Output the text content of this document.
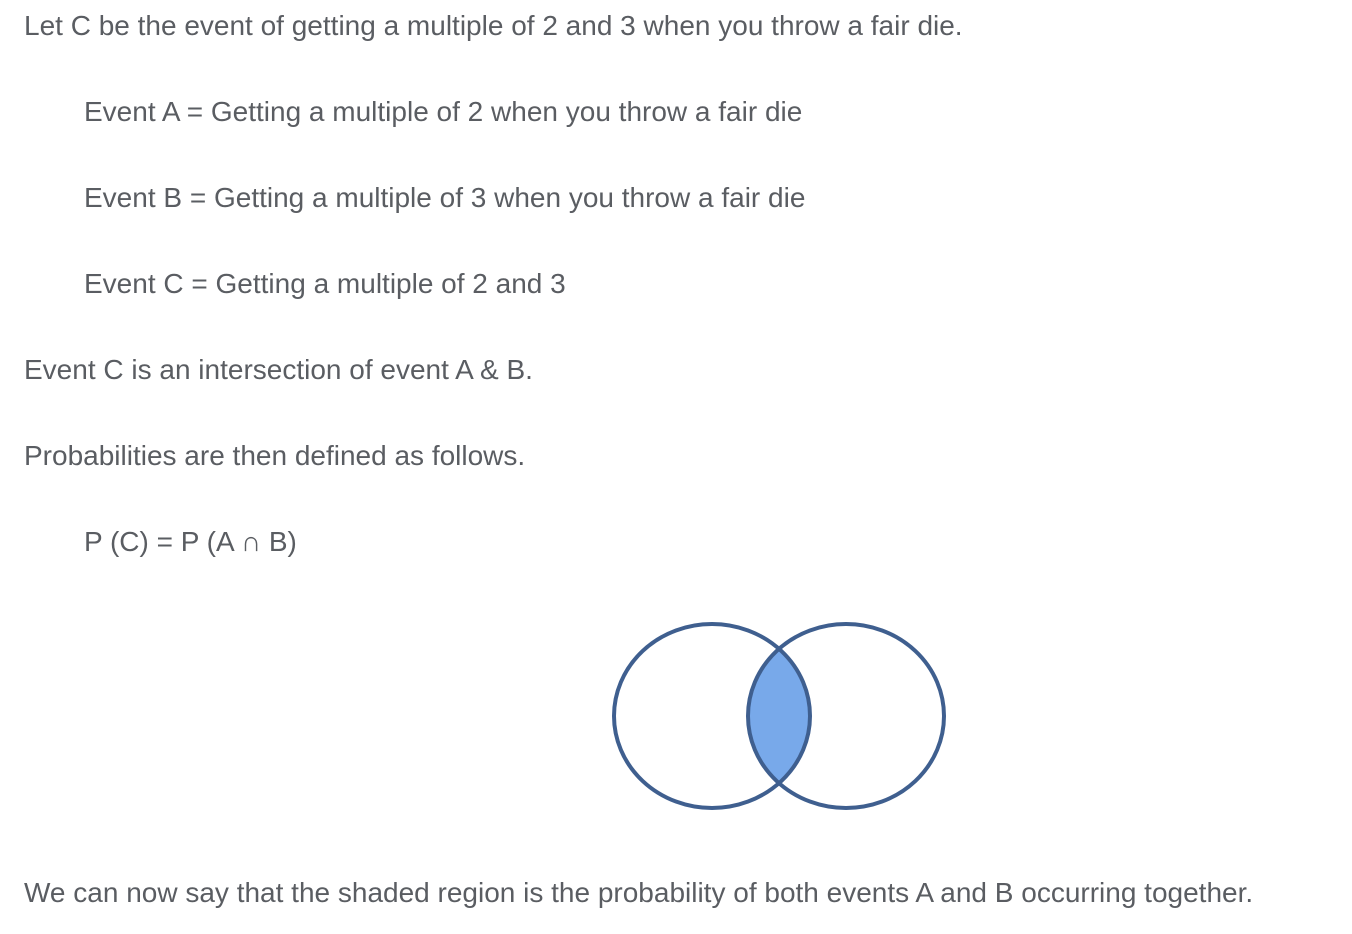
Let C be the event of getting a multiple of 2 and 3 when you throw a fair die.
Event A = Getting a multiple of 2 when you throw a fair die
Event B = Getting a multiple of 3 when you throw a fair die
Event C = Getting a multiple of 2 and 3
Event C is an intersection of event A & B.
Probabilities are then defined as follows.
P (C) = P (A ∩ B)
We can now say that the shaded region is the probability of both events A and B occurring together.
